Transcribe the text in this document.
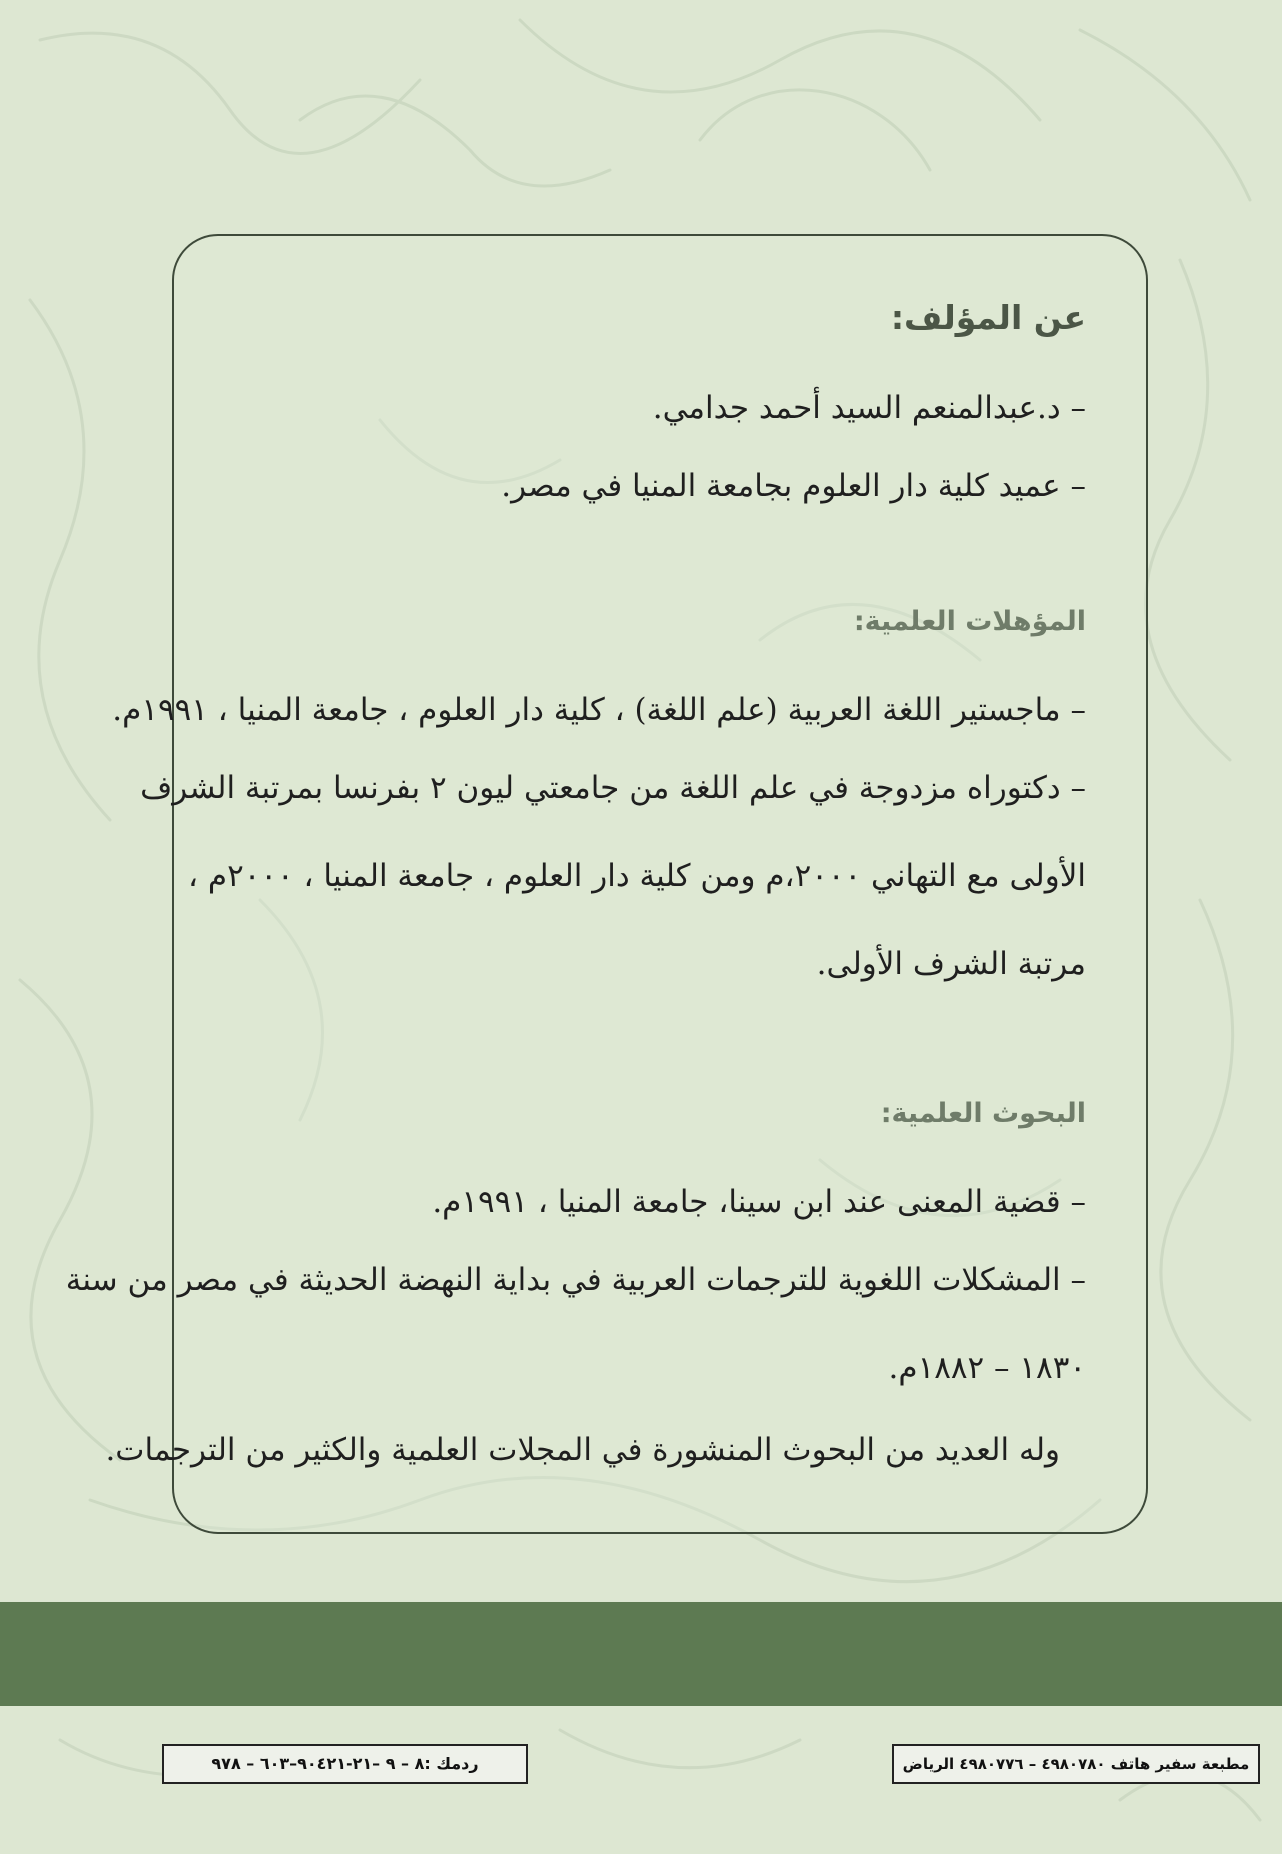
عن المؤلف:

– د.عبدالمنعم السيد أحمد جدامي.

– عميد كلية دار العلوم بجامعة المنيا في مصر.

المؤهلات العلمية:

– ماجستير اللغة العربية (علم اللغة) ، كلية دار العلوم ، جامعة المنيا ، ١٩٩١م.

– دكتوراه مزدوجة في علم اللغة من جامعتي ليون ٢ بفرنسا بمرتبة الشرف

الأولى مع التهاني ٢٠٠٠،م ومن كلية دار العلوم ، جامعة المنيا ، ٢٠٠٠م ،

مرتبة الشرف الأولى.

البحوث العلمية:

– قضية المعنى عند ابن سينا، جامعة المنيا ، ١٩٩١م.

– المشكلات اللغوية للترجمات العربية في بداية النهضة الحديثة في مصر من سنة

١٨٣٠ – ١٨٨٢م.

وله العديد من البحوث المنشورة في المجلات العلمية والكثير من الترجمات.

ردمك :٨ – ٩ –٢١-٩٠٤٢١–٦٠٣ – ٩٧٨	مطبعة سفير هاتف ٤٩٨٠٧٨٠ – ٤٩٨٠٧٧٦ الرياض
